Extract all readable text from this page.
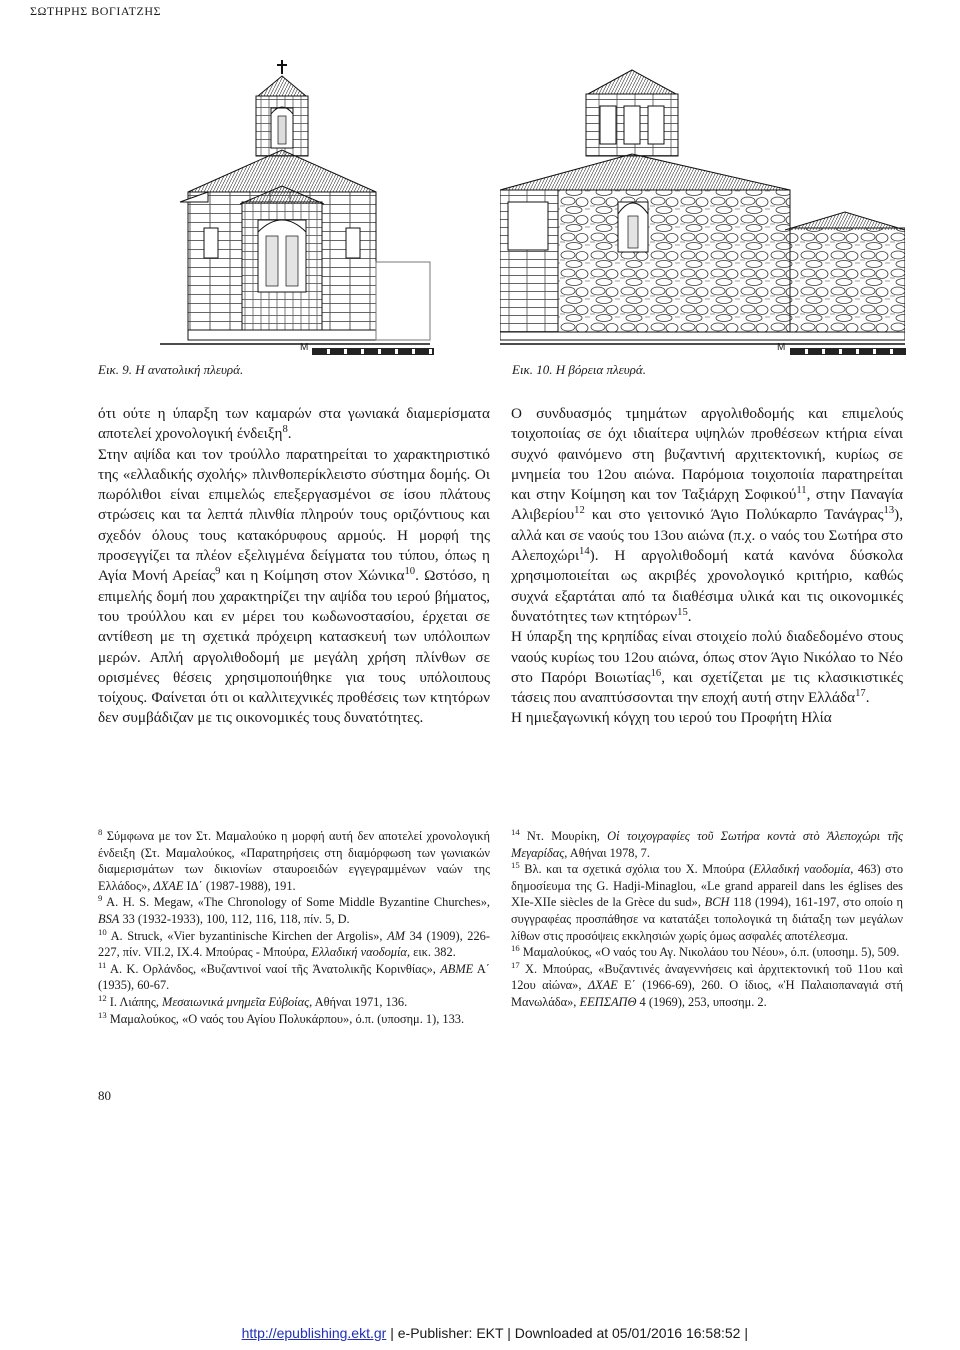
ΣΩΤΗΡΗΣ ΒΟΓΙΑΤΖΗΣ
M
Εικ. 9. Η ανατολική πλευρά.
M
Εικ. 10. Η βόρεια πλευρά.

ότι ούτε η ύπαρξη των καμαρών στα γωνιακά διαμερίσματα αποτελεί χρονολογική ένδειξη$^8$.

Στην αψίδα και τον τρούλλο παρατηρείται το χαρακτηριστικό της «ελλαδικής σχολής» πλινθοπερίκλειστο σύστημα δομής. Οι πωρόλιθοι είναι επιμελώς επεξεργασμένοι σε ίσου πλάτους στρώσεις και τα λεπτά πλινθία πληρούν τους οριζόντιους και σχεδόν όλους τους κατακόρυφους αρμούς. Η μορφή της προσεγγίζει τα πλέον εξελιγμένα δείγματα του τύπου, όπως η Αγία Μονή Αρείας$^9$ και η Κοίμηση στον Χώνικα$^{10}$. Ωστόσο, η επιμελής δομή που χαρακτηρίζει την αψίδα του ιερού βήματος, του τρούλλου και εν μέρει του κωδωνοστασίου, έρχεται σε αντίθεση με τη σχετικά πρόχειρη κατασκευή των υπόλοιπων μερών. Απλή αργολιθοδομή με μεγάλη χρήση πλίνθων σε ορισμένες θέσεις χρησιμοποιήθηκε για τους υπόλοιπους τοίχους. Φαίνεται ότι οι καλλιτεχνικές προθέσεις των κτητόρων δεν συμβάδιζαν με τις οικονομικές τους δυνατότητες.

Ο συνδυασμός τμημάτων αργολιθοδομής και επιμελούς τοιχοποιίας σε όχι ιδιαίτερα υψηλών προθέσεων κτήρια είναι συχνό φαινόμενο στη βυζαντινή αρχιτεκτονική, κυρίως σε μνημεία του 12ου αιώνα. Παρόμοια τοιχοποιία παρατηρείται και στην Κοίμηση και τον Ταξιάρχη Σοφικού$^{11}$, στην Παναγία Αλιβερίου$^{12}$ και στο γειτονικό Άγιο Πολύκαρπο Τανάγρας$^{13}$), αλλά και σε ναούς του 13ου αιώνα (π.χ. ο ναός του Σωτήρα στο Αλεποχώρι$^{14}$). Η αργολιθοδομή κατά κανόνα δύσκολα χρησιμοποιείται ως ακριβές χρονολογικό κριτήριο, καθώς συχνά εξαρτάται από τα διαθέσιμα υλικά και τις οικονομικές δυνατότητες των κτητόρων$^{15}$.

Η ύπαρξη της κρηπίδας είναι στοιχείο πολύ διαδεδομένο στους ναούς κυρίως του 12ου αιώνα, όπως στον Άγιο Νικόλαο το Νέο στο Παρόρι Βοιωτίας$^{16}$, και σχετίζεται με τις κλασικιστικές τάσεις που αναπτύσσονται την εποχή αυτή στην Ελλάδα$^{17}$.

Η ημιεξαγωνική κόγχη του ιερού του Προφήτη Ηλία

$^8$ Σύμφωνα με τον Στ. Μαμαλούκο η μορφή αυτή δεν αποτελεί χρονολογική ένδειξη (Στ. Μαμαλούκος, «Παρατηρήσεις στη διαμόρφωση των γωνιακών διαμερισμάτων των δικιονίων σταυροειδών εγγεγραμμένων ναών της Ελλάδος», ΔΧΑΕ ΙΔ΄ (1987-1988), 191.

$^9$ A. H. S. Megaw, «The Chronology of Some Middle Byzantine Churches», BSA 33 (1932-1933), 100, 112, 116, 118, πίν. 5, D.

$^{10}$ A. Struck, «Vier byzantinische Kirchen der Argolis», AM 34 (1909), 226-227, πίν. VII.2, IX.4. Μπούρας - Μπούρα, Ελλαδική ναοδομία, εικ. 382.

$^{11}$ Α. Κ. Ορλάνδος, «Βυζαντινοί ναοί τῆς Ἀνατολικῆς Κορινθίας», ΑΒΜΕ Α΄ (1935), 60-67.

$^{12}$ Ι. Λιάπης, Μεσαιωνικά μνημεῖα Εὐβοίας, Αθήναι 1971, 136.

$^{13}$ Μαμαλούκος, «Ο ναός του Αγίου Πολυκάρπου», ό.π. (υποσημ. 1), 133.

$^{14}$ Ντ. Μουρίκη, Οἱ τοιχογραφίες τοῦ Σωτήρα κοντὰ στὸ Ἀλεποχώρι τῆς Μεγαρίδας, Αθήναι 1978, 7.

$^{15}$ Βλ. και τα σχετικά σχόλια του Χ. Μπούρα (Ελλαδική ναοδομία, 463) στο δημοσίευμα της G. Hadji-Minaglou, «Le grand appareil dans les églises des XIe-XIIe siècles de la Grèce du sud», BCH 118 (1994), 161-197, στο οποίο η συγγραφέας προσπάθησε να κατατάξει τοπολογικά τη διάταξη των μεγάλων λίθων στις προσόψεις εκκλησιών χωρίς όμως ασφαλές αποτέλεσμα.

$^{16}$ Μαμαλούκος, «Ο ναός του Αγ. Νικολάου του Νέου», ό.π. (υποσημ. 5), 509.

$^{17}$ Χ. Μπούρας, «Βυζαντινές ἀναγεννήσεις καὶ ἀρχιτεκτονική τοῦ 11ου καὶ 12ου αἰώνα», ΔΧΑΕ Ε΄ (1966-69), 260. Ο ίδιος, «Ἡ Παλαιοπαναγιά στή Μανωλάδα», ΕΕΠΣΑΠΘ 4 (1969), 253, υποσημ. 2.

80
http://epublishing.ekt.gr | e-Publisher: EKT | Downloaded at 05/01/2016 16:58:52 |
